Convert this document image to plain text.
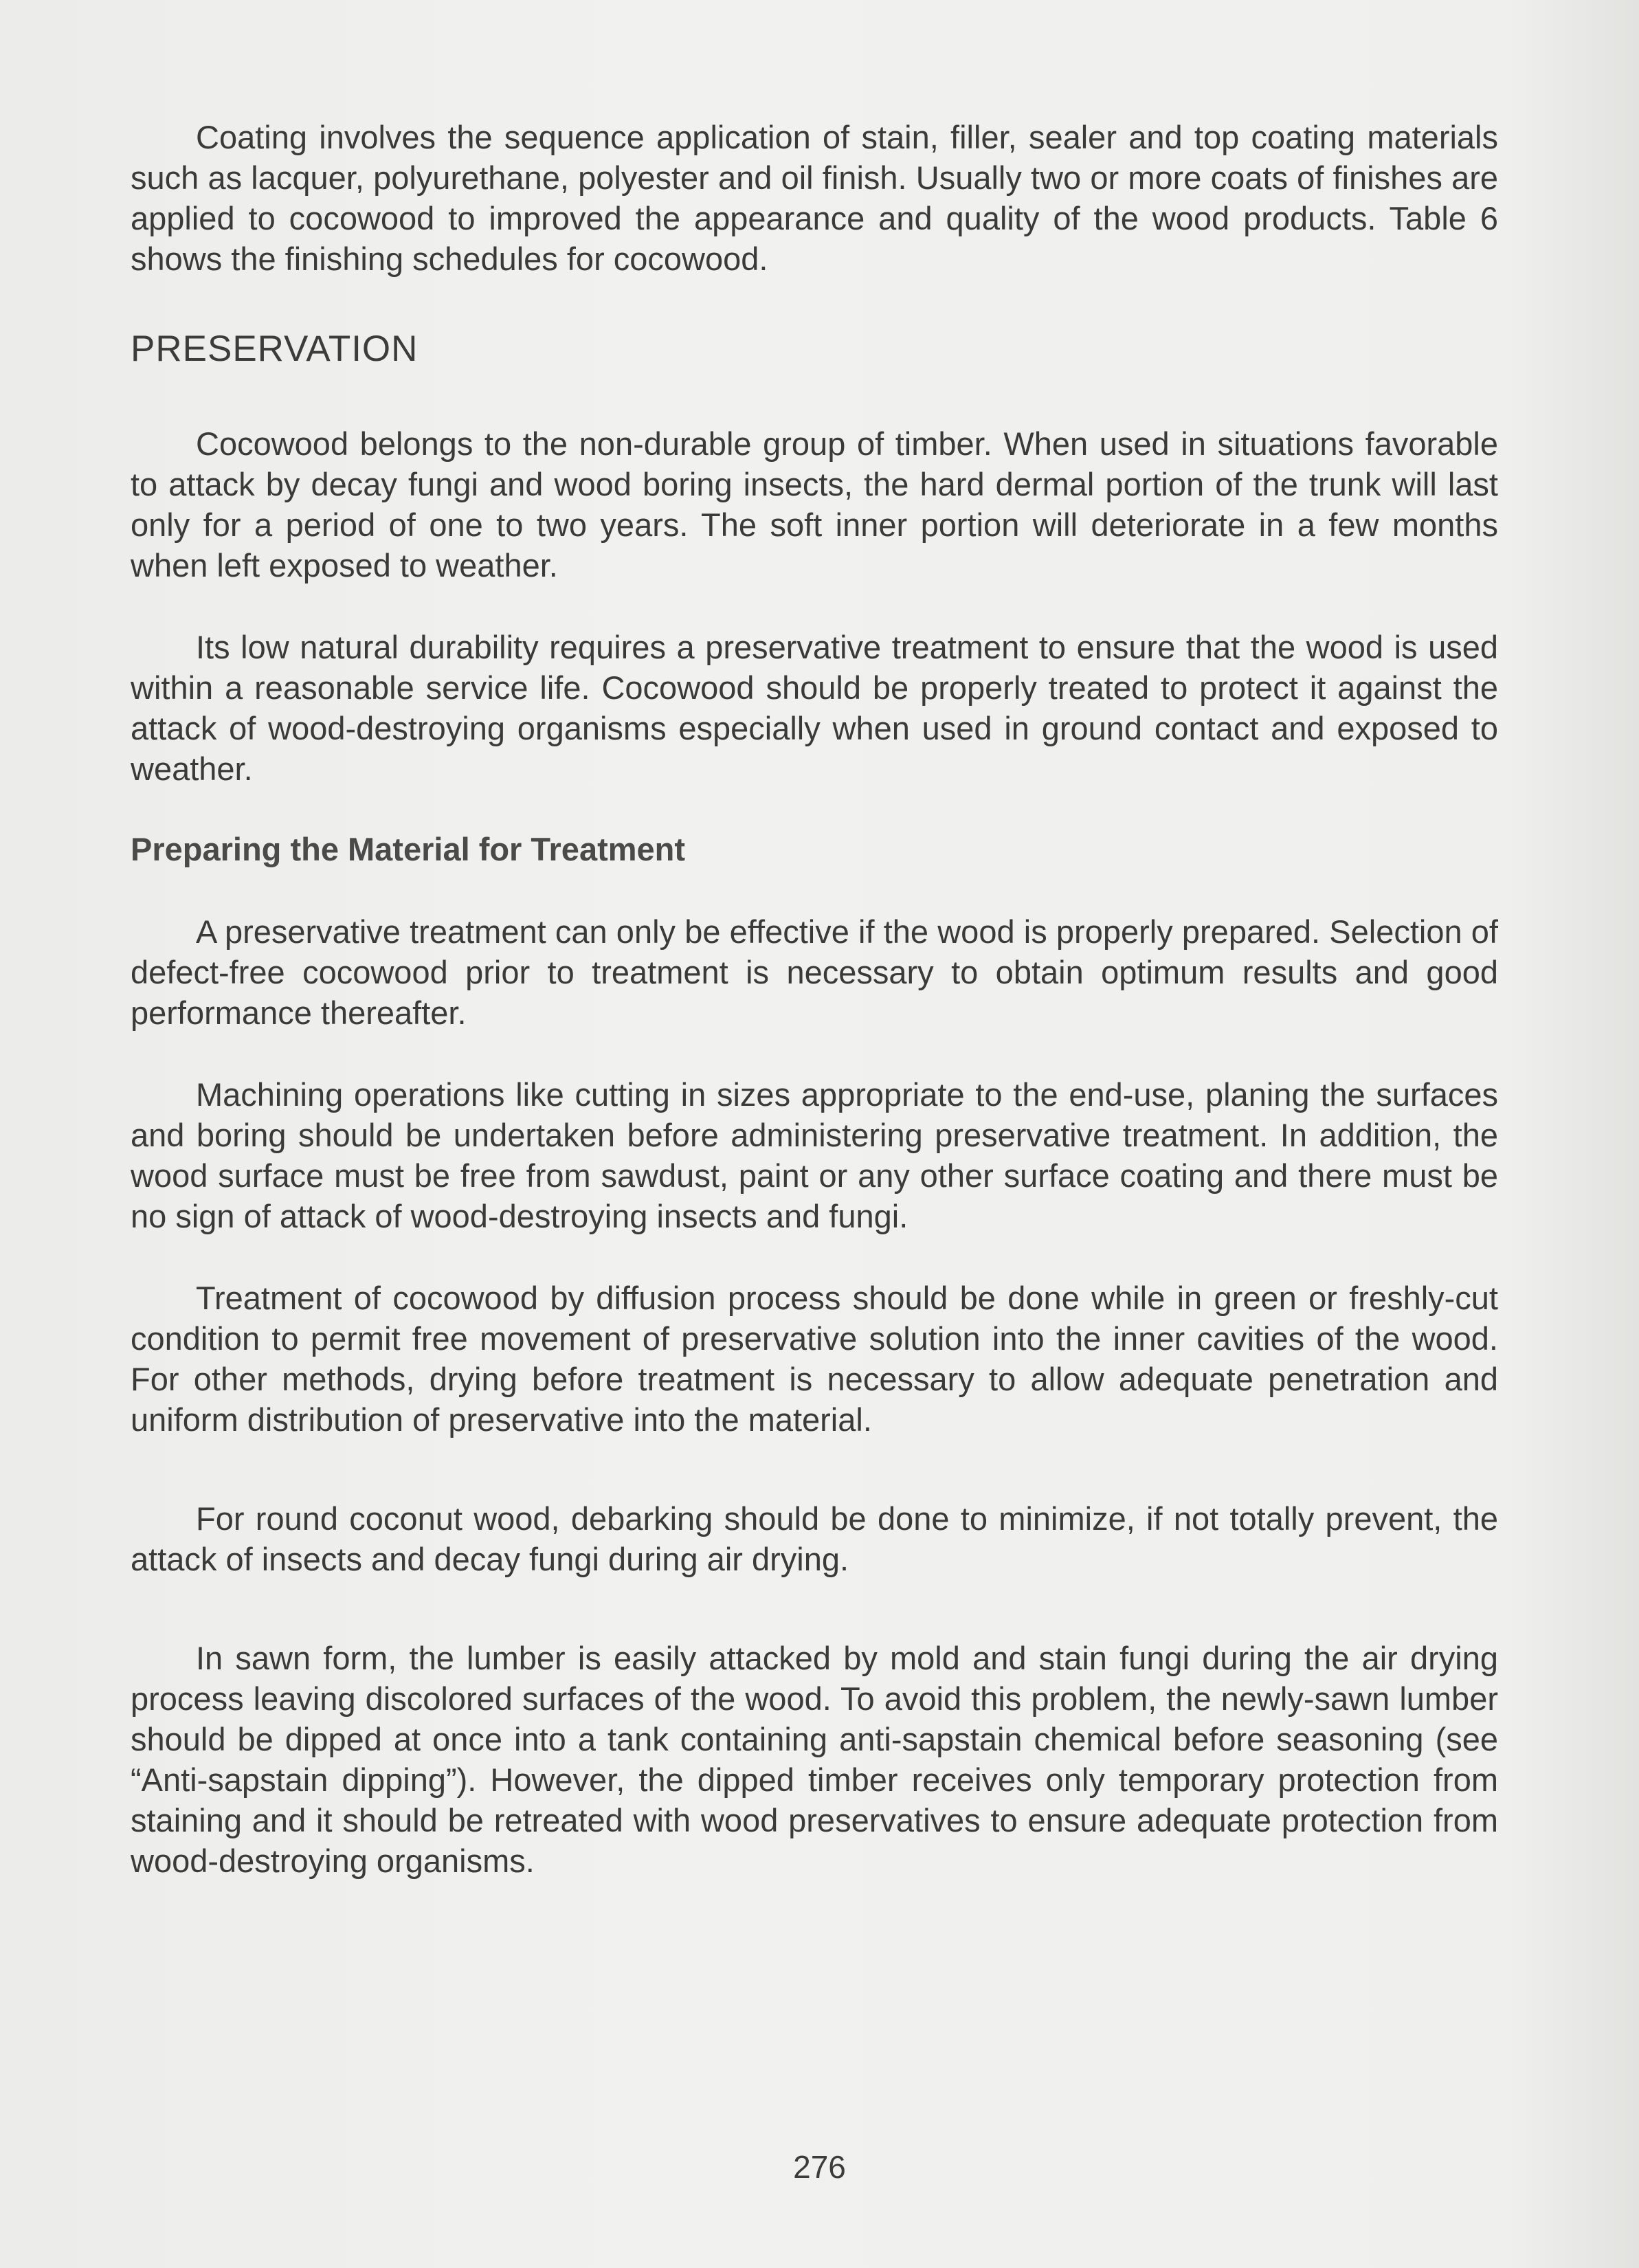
Coating involves the sequence application of stain, filler, sealer and top coating materials such as lacquer, polyurethane, polyester and oil finish. Usually two or more coats of finishes are applied to cocowood to improved the appearance and quality of the wood products. Table 6 shows the finishing schedules for cocowood.

PRESERVATION

Cocowood belongs to the non-durable group of timber. When used in situations favorable to attack by decay fungi and wood boring insects, the hard dermal portion of the trunk will last only for a period of one to two years. The soft inner portion will deteriorate in a few months when left exposed to weather.

Its low natural durability requires a preservative treatment to ensure that the wood is used within a reasonable service life. Cocowood should be properly treated to protect it against the attack of wood-destroying organisms especially when used in ground contact and exposed to weather.

Preparing the Material for Treatment

A preservative treatment can only be effective if the wood is properly prepared. Selection of defect-free cocowood prior to treatment is necessary to obtain optimum results and good performance thereafter.

Machining operations like cutting in sizes appropriate to the end-use, planing the surfaces and boring should be undertaken before administering preservative treatment. In addition, the wood surface must be free from sawdust, paint or any other surface coating and there must be no sign of attack of wood-destroying insects and fungi.

Treatment of cocowood by diffusion process should be done while in green or freshly-cut condition to permit free movement of preservative solution into the inner cavities of the wood. For other methods, drying before treatment is necessary to allow adequate penetration and uniform distribution of preservative into the material.

For round coconut wood, debarking should be done to minimize, if not totally prevent, the attack of insects and decay fungi during air drying.

In sawn form, the lumber is easily attacked by mold and stain fungi during the air drying process leaving discolored surfaces of the wood. To avoid this problem, the newly-sawn lumber should be dipped at once into a tank containing anti-sapstain chemical before seasoning (see “Anti-sapstain dipping”). However, the dipped timber receives only temporary protection from staining and it should be retreated with wood preservatives to ensure adequate protection from wood-destroying organisms.

276
